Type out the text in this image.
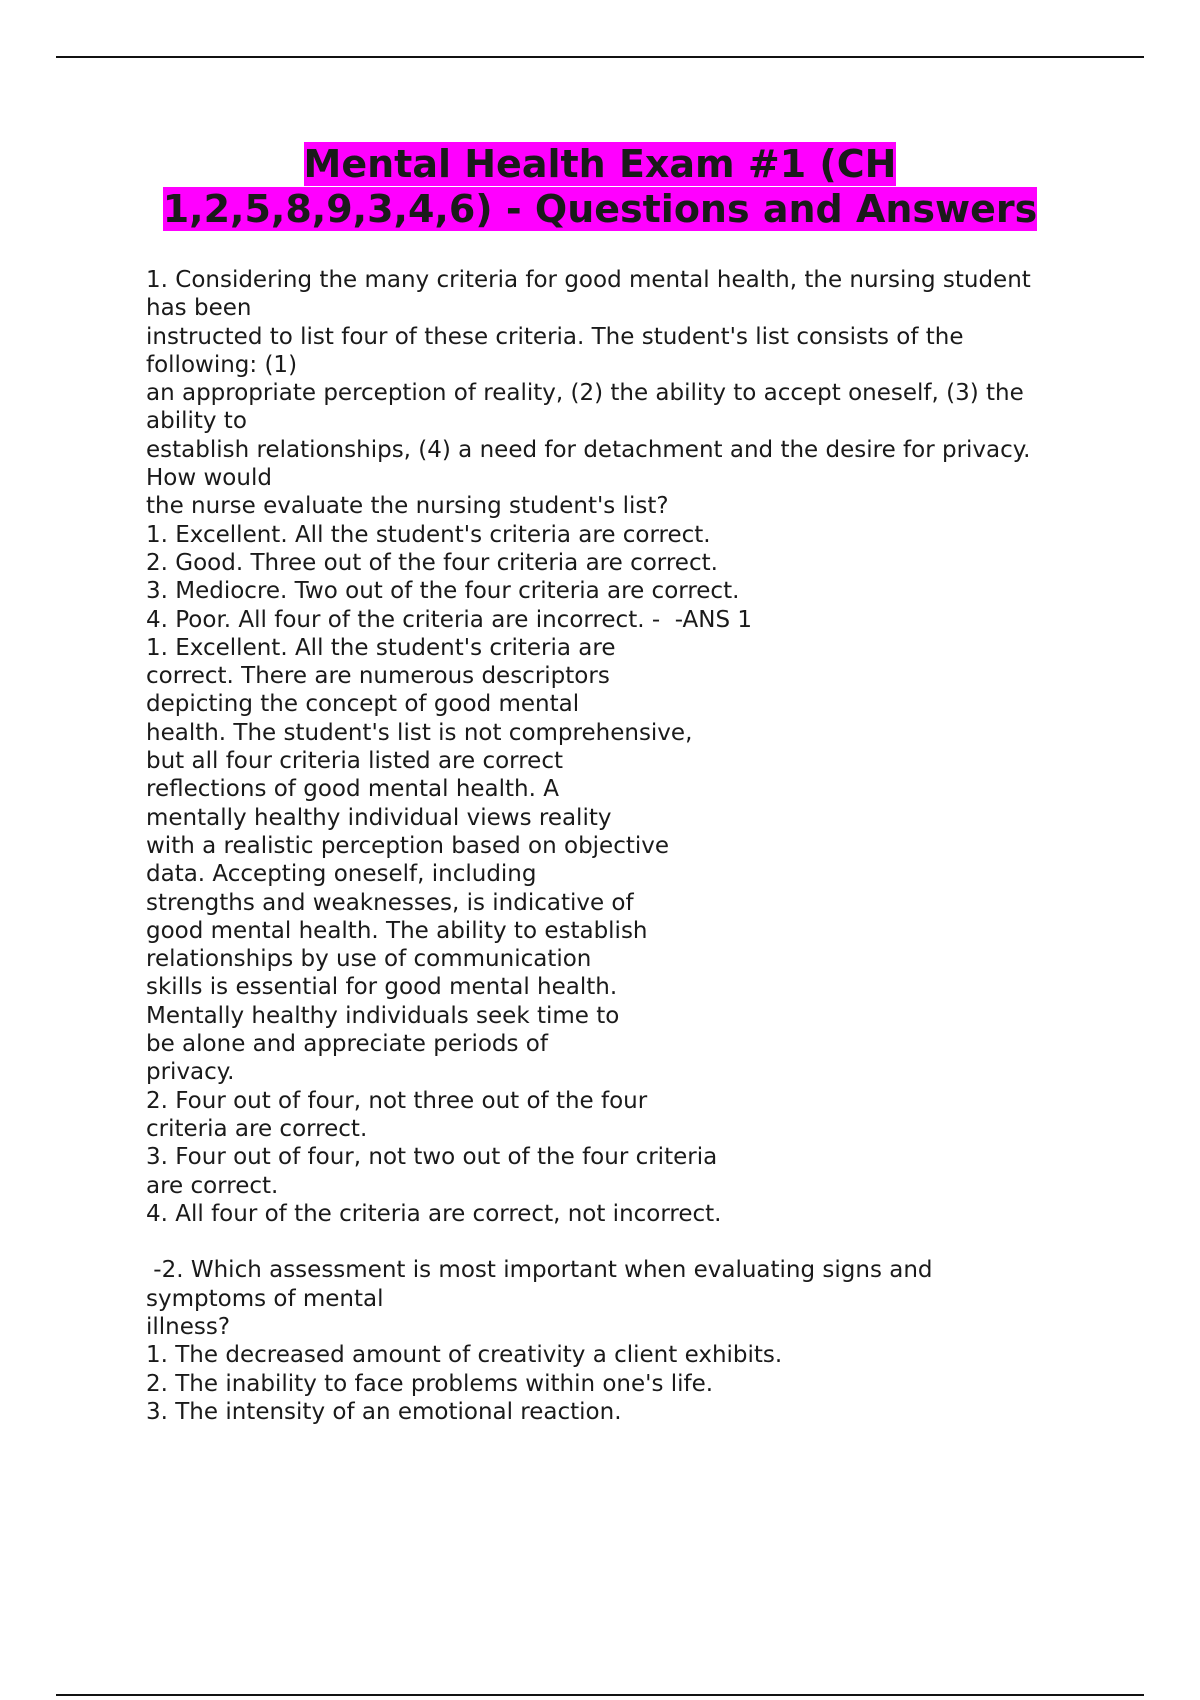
Mental Health Exam #1 (CH
1,2,5,8,9,3,4,6) - Questions and Answers
1. Considering the many criteria for good mental health, the nursing student
has been
instructed to list four of these criteria. The student's list consists of the
following: (1)
an appropriate perception of reality, (2) the ability to accept oneself, (3) the
ability to
establish relationships, (4) a need for detachment and the desire for privacy.
How would
the nurse evaluate the nursing student's list?
1. Excellent. All the student's criteria are correct.
2. Good. Three out of the four criteria are correct.
3. Mediocre. Two out of the four criteria are correct.
4. Poor. All four of the criteria are incorrect. -  -ANS 1
1. Excellent. All the student's criteria are
correct. There are numerous descriptors
depicting the concept of good mental
health. The student's list is not comprehensive,
but all four criteria listed are correct
reflections of good mental health. A
mentally healthy individual views reality
with a realistic perception based on objective
data. Accepting oneself, including
strengths and weaknesses, is indicative of
good mental health. The ability to establish
relationships by use of communication
skills is essential for good mental health.
Mentally healthy individuals seek time to
be alone and appreciate periods of
privacy.
2. Four out of four, not three out of the four
criteria are correct.
3. Four out of four, not two out of the four criteria
are correct.
4. All four of the criteria are correct, not incorrect.
-2. Which assessment is most important when evaluating signs and
symptoms of mental
illness?
1. The decreased amount of creativity a client exhibits.
2. The inability to face problems within one's life.
3. The intensity of an emotional reaction.
